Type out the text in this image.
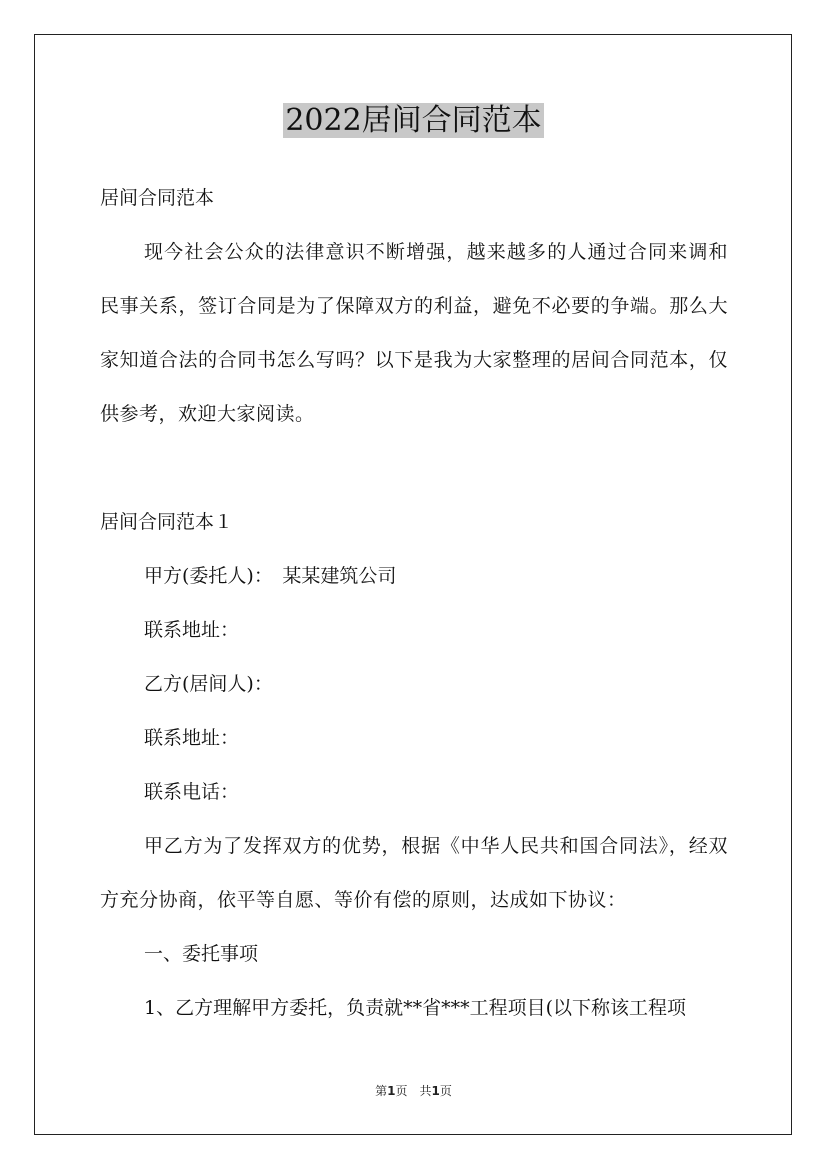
2022居间合同范本

居间合同范本

现今社会公众的法律意识不断增强，越来越多的人通过合同来调和民事关系，签订合同是为了保障双方的利益，避免不必要的争端。那么大家知道合法的合同书怎么写吗？以下是我为大家整理的居间合同范本，仅供参考，欢迎大家阅读。

居间合同范本１

甲方(委托人)：　某某建筑公司

联系地址：

乙方(居间人)：

联系地址：

联系电话：

甲乙方为了发挥双方的优势，根据《中华人民共和国合同法》，经双方充分协商，依平等自愿、等价有偿的原则，达成如下协议：

一、委托事项

1、乙方理解甲方委托，负责就**省***工程项目(以下称该工程项

第1页　共1页
